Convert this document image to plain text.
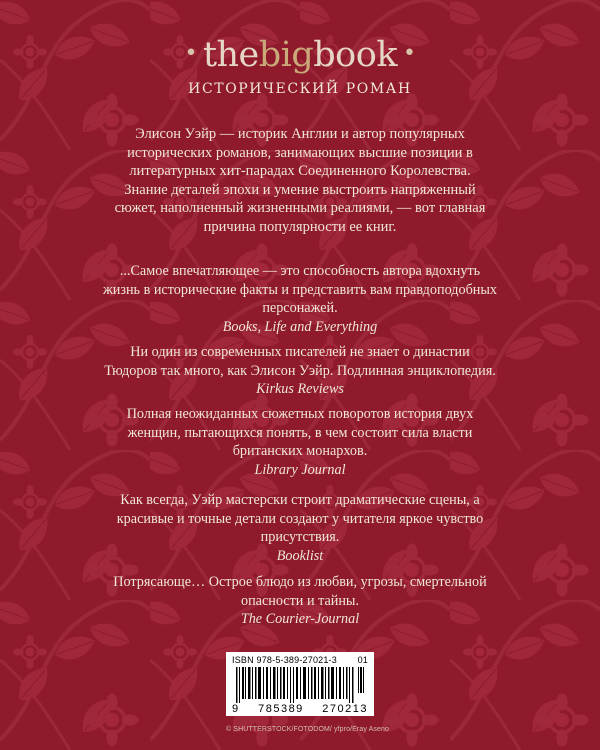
• thebigbook •
ИСТОРИЧЕСКИЙ РОМАН
Элисон Уэйр — историк Англии и автор популярных исторических романов, занимающих высшие позиции в литературных хит-парадах Соединенного Королевства. Знание деталей эпохи и умение выстроить напряженный сюжет, наполненный жизненными реалиями, — вот главная причина популярности ее книг.
...Самое впечатляющее — это способность автора вдохнуть жизнь в исторические факты и представить вам правдоподобных персонажей.
Books, Life and Everything
Ни один из современных писателей не знает о династии Тюдоров так много, как Элисон Уэйр. Подлинная энциклопедия.
Kirkus Reviews
Полная неожиданных сюжетных поворотов история двух женщин, пытающихся понять, в чем состоит сила власти британских монархов.
Library Journal
Как всегда, Уэйр мастерски строит драматические сцены, а красивые и точные детали создают у читателя яркое чувство присутствия.
Booklist
Потрясающе… Острое блюдо из любви, угрозы, смертельной опасности и тайны.
The Courier-Journal
ISBN 978-5-389-27021-3 01
9 785389 270213
© SHUTTERSTOCK/FOTODOM/ yfpro/Eray Aseno
